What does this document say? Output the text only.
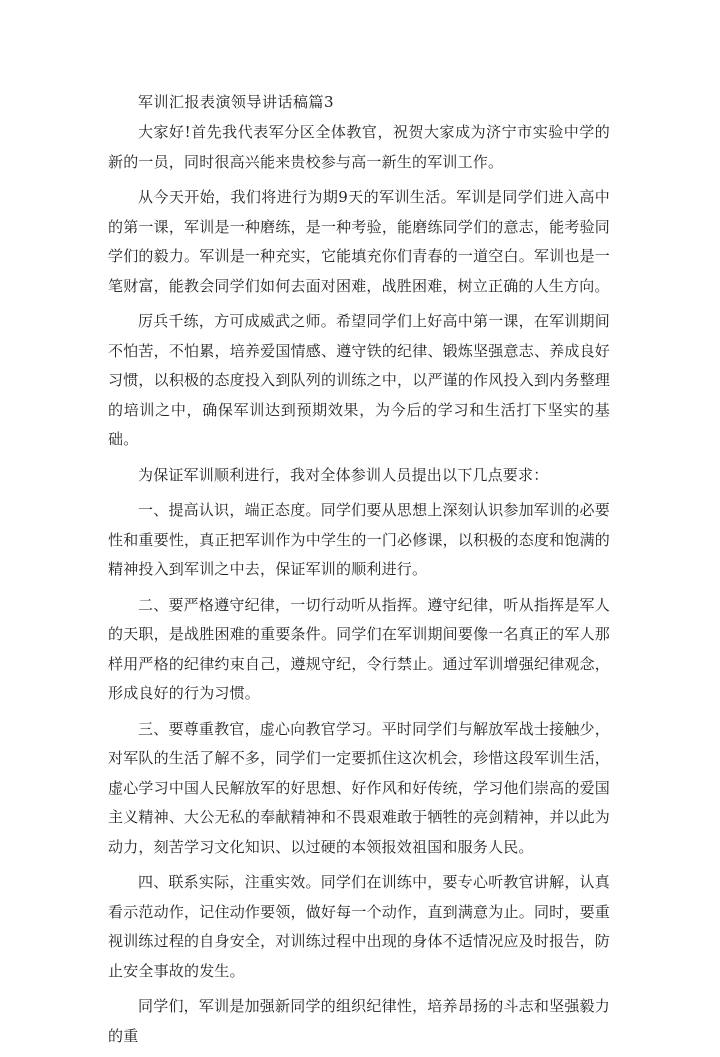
军训汇报表演领导讲话稿篇3

大家好!首先我代表军分区全体教官，祝贺大家成为济宁市实验中学的新的一员，同时很高兴能来贵校参与高一新生的军训工作。

从今天开始，我们将进行为期9天的军训生活。军训是同学们进入高中的第一课，军训是一种磨练，是一种考验，能磨练同学们的意志，能考验同学们的毅力。军训是一种充实，它能填充你们青春的一道空白。军训也是一笔财富，能教会同学们如何去面对困难，战胜困难，树立正确的人生方向。

厉兵千练，方可成威武之师。希望同学们上好高中第一课，在军训期间不怕苦，不怕累，培养爱国情感、遵守铁的纪律、锻炼坚强意志、养成良好习惯，以积极的态度投入到队列的训练之中，以严谨的作风投入到内务整理的培训之中，确保军训达到预期效果，为今后的学习和生活打下坚实的基础。

为保证军训顺利进行，我对全体参训人员提出以下几点要求：

一、提高认识，端正态度。同学们要从思想上深刻认识参加军训的必要性和重要性，真正把军训作为中学生的一门必修课，以积极的态度和饱满的精神投入到军训之中去，保证军训的顺利进行。

二、要严格遵守纪律，一切行动听从指挥。遵守纪律，听从指挥是军人的天职，是战胜困难的重要条件。同学们在军训期间要像一名真正的军人那样用严格的纪律约束自己，遵规守纪，令行禁止。通过军训增强纪律观念，形成良好的行为习惯。

三、要尊重教官，虚心向教官学习。平时同学们与解放军战士接触少，对军队的生活了解不多，同学们一定要抓住这次机会，珍惜这段军训生活，虚心学习中国人民解放军的好思想、好作风和好传统，学习他们崇高的爱国主义精神、大公无私的奉献精神和不畏艰难敢于牺牲的亮剑精神，并以此为动力，刻苦学习文化知识、以过硬的本领报效祖国和服务人民。

四、联系实际，注重实效。同学们在训练中，要专心听教官讲解，认真看示范动作，记住动作要领，做好每一个动作，直到满意为止。同时，要重视训练过程的自身安全，对训练过程中出现的身体不适情况应及时报告，防止安全事故的发生。

同学们，军训是加强新同学的组织纪律性，培养昂扬的斗志和坚强毅力的重
